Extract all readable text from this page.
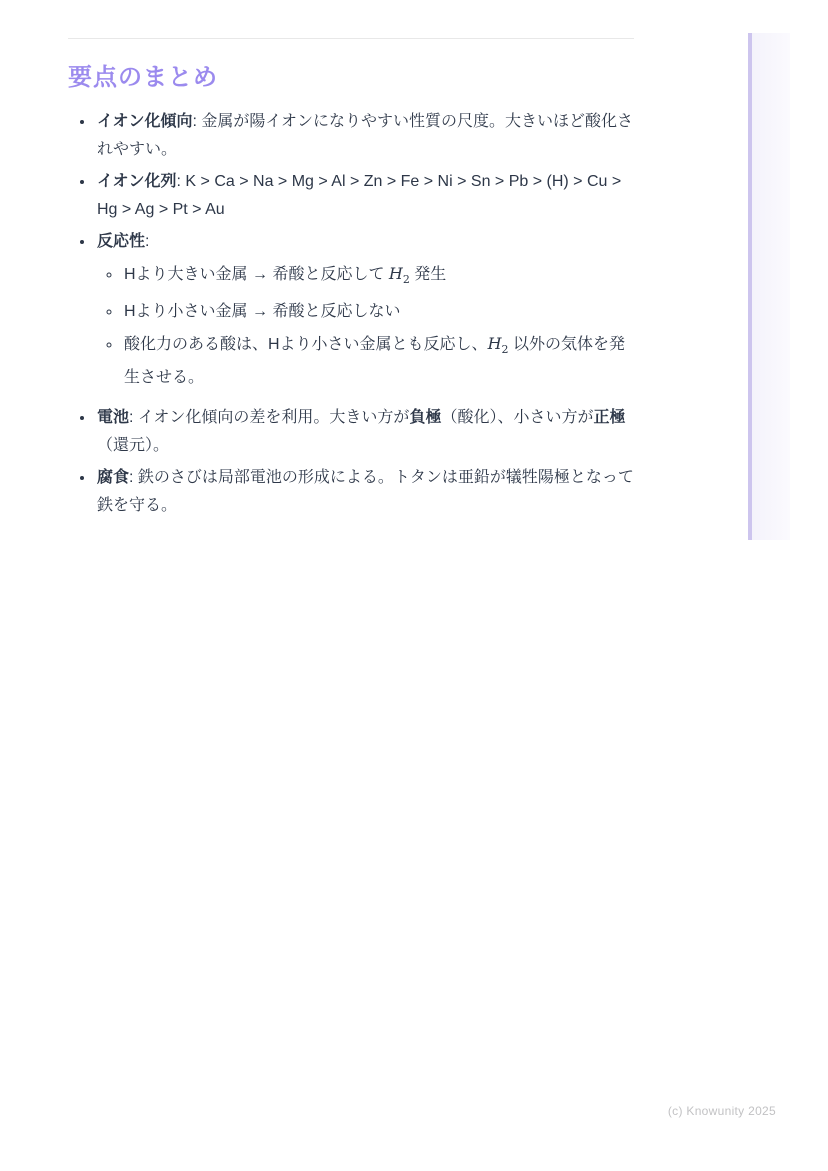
要点のまとめ
• イオン化傾向: 金属が陽イオンになりやすい性質の尺度。大きいほど酸化されやすい。
• イオン化列: K > Ca > Na > Mg > Al > Zn > Fe > Ni > Sn > Pb > (H) > Cu > Hg > Ag > Pt > Au
• 反応性:
◦ Hより大きい金属 → 希酸と反応して $H_2$ 発生
◦ Hより小さい金属 → 希酸と反応しない
◦ 酸化力のある酸は、Hより小さい金属とも反応し、$H_2$ 以外の気体を発生させる。
• 電池: イオン化傾向の差を利用。大きい方が負極（酸化）、小さい方が正極（還元）。
• 腐食: 鉄のさびは局部電池の形成による。トタンは亜鉛が犠牲陽極となって鉄を守る。
(c) Knowunity 2025
